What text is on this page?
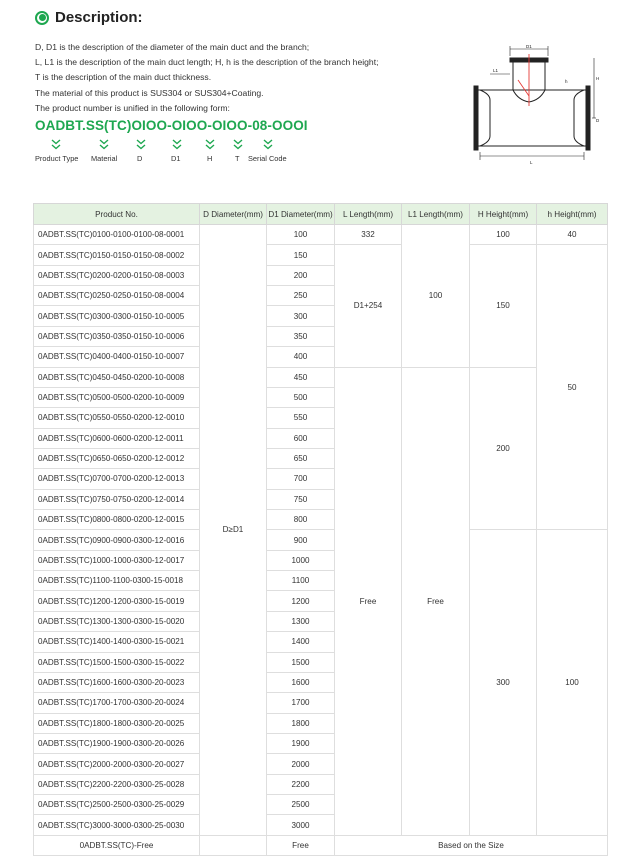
Description:
D, D1 is the description of the diameter of the main duct and the branch;
L, L1 is the description of the main duct length; H, h is the description of the branch height;
T is the description of the main duct thickness.
The material of this product is SUS304 or SUS304+Coating.
The product number is unified in the following form:
OADBT.SS(TC)OIOO-OIOO-OIOO-08-OOOI
Product Type Material	D	D1	H	T Serial Code
D1
L1
L
H
h
D
Product No.	D Diameter(mm)	D1 Diameter(mm)	L Length(mm)	L1 Length(mm)	H Height(mm)	h Height(mm)
0ADBT.SS(TC)0100-0100-0100-08-0001	D≥D1	100	332	100	100	40
0ADBT.SS(TC)0150-0150-0150-08-0002		150	D1+254		150	50
0ADBT.SS(TC)0200-0200-0150-08-0003		200				
0ADBT.SS(TC)0250-0250-0150-08-0004		250				
0ADBT.SS(TC)0300-0300-0150-10-0005		300				
0ADBT.SS(TC)0350-0350-0150-10-0006		350				
0ADBT.SS(TC)0400-0400-0150-10-0007		400				
0ADBT.SS(TC)0450-0450-0200-10-0008		450	Free	Free	200	
0ADBT.SS(TC)0500-0500-0200-10-0009		500				
0ADBT.SS(TC)0550-0550-0200-12-0010		550				
0ADBT.SS(TC)0600-0600-0200-12-0011		600				
0ADBT.SS(TC)0650-0650-0200-12-0012		650				
0ADBT.SS(TC)0700-0700-0200-12-0013		700				
0ADBT.SS(TC)0750-0750-0200-12-0014		750				
0ADBT.SS(TC)0800-0800-0200-12-0015		800				
0ADBT.SS(TC)0900-0900-0300-12-0016		900			300	100
0ADBT.SS(TC)1000-1000-0300-12-0017		1000				
0ADBT.SS(TC)1100-1100-0300-15-0018		1100				
0ADBT.SS(TC)1200-1200-0300-15-0019		1200				
0ADBT.SS(TC)1300-1300-0300-15-0020		1300				
0ADBT.SS(TC)1400-1400-0300-15-0021		1400				
0ADBT.SS(TC)1500-1500-0300-15-0022		1500				
0ADBT.SS(TC)1600-1600-0300-20-0023		1600				
0ADBT.SS(TC)1700-1700-0300-20-0024		1700				
0ADBT.SS(TC)1800-1800-0300-20-0025		1800				
0ADBT.SS(TC)1900-1900-0300-20-0026		1900				
0ADBT.SS(TC)2000-2000-0300-20-0027		2000				
0ADBT.SS(TC)2200-2200-0300-25-0028		2200				
0ADBT.SS(TC)2500-2500-0300-25-0029		2500				
0ADBT.SS(TC)3000-3000-0300-25-0030		3000				
0ADBT.SS(TC)-Free		Free	Based on the Size			
